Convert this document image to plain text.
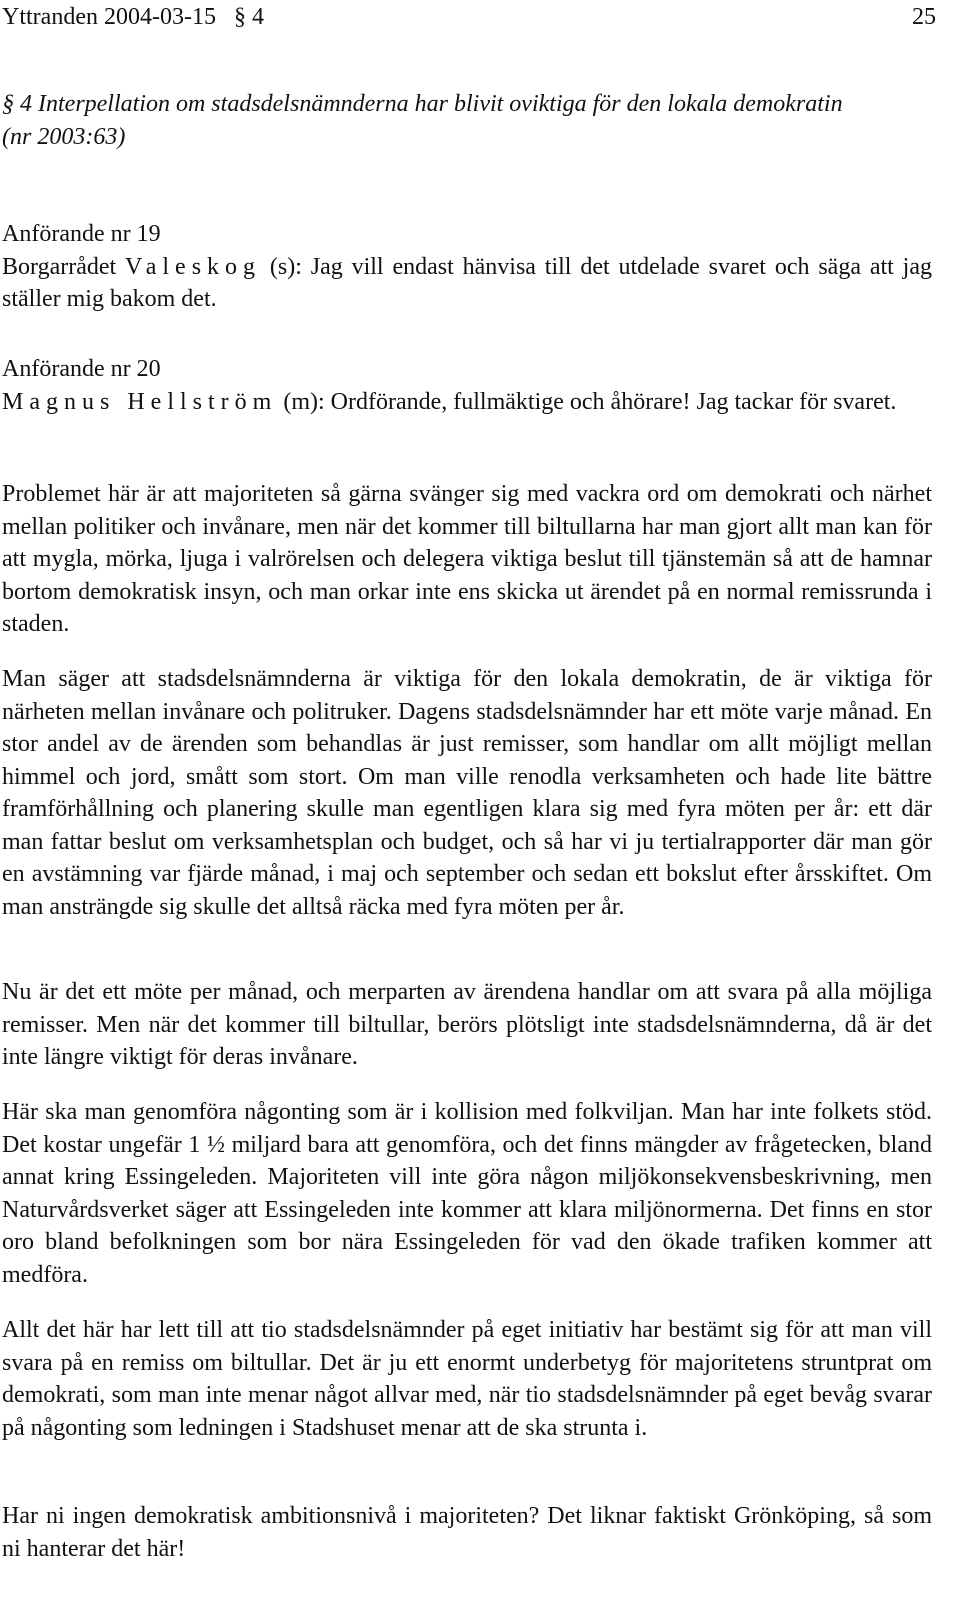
Yttranden 2004-03-15   § 4	25

§ 4 Interpellation om stadsdelsnämnderna har blivit oviktiga för den lokala demokratin

(nr 2003:63)

Anförande nr 19

Borgarrådet Valeskog (s): Jag vill endast hänvisa till det utdelade svaret och säga att jag ställer mig bakom det.

Anförande nr 20

Magnus Hellström (m): Ordförande, fullmäktige och åhörare! Jag tackar för svaret.

Problemet här är att majoriteten så gärna svänger sig med vackra ord om demokrati och närhet mellan politiker och invånare, men när det kommer till biltullarna har man gjort allt man kan för att mygla, mörka, ljuga i valrörelsen och delegera viktiga beslut till tjänstemän så att de hamnar bortom demokratisk insyn, och man orkar inte ens skicka ut ärendet på en normal remissrunda i staden.
Man säger att stadsdelsnämnderna är viktiga för den lokala demokratin, de är viktiga för närheten mellan invånare och politruker. Dagens stadsdelsnämnder har ett möte varje månad. En stor andel av de ärenden som behandlas är just remisser, som handlar om allt möjligt mellan himmel och jord, smått som stort. Om man ville renodla verksamheten och hade lite bättre framförhållning och planering skulle man egentligen klara sig med fyra möten per år: ett där man fattar beslut om verksamhetsplan och budget, och så har vi ju tertialrapporter där man gör en avstämning var fjärde månad, i maj och september och sedan ett bokslut efter årsskiftet. Om man ansträngde sig skulle det alltså räcka med fyra möten per år.
Nu är det ett möte per månad, och merparten av ärendena handlar om att svara på alla möjliga remisser. Men när det kommer till biltullar, berörs plötsligt inte stadsdelsnämnderna, då är det inte längre viktigt för deras invånare.
Här ska man genomföra någonting som är i kollision med folkviljan. Man har inte folkets stöd. Det kostar ungefär 1 ½ miljard bara att genomföra, och det finns mängder av frågetecken, bland annat kring Essingeleden. Majoriteten vill inte göra någon miljökonsekvensbeskrivning, men Naturvårdsverket säger att Essingeleden inte kommer att klara miljönormerna. Det finns en stor oro bland befolkningen som bor nära Essingeleden för vad den ökade trafiken kommer att medföra.
Allt det här har lett till att tio stadsdelsnämnder på eget initiativ har bestämt sig för att man vill svara på en remiss om biltullar. Det är ju ett enormt underbetyg för majoritetens struntprat om demokrati, som man inte menar något allvar med, när tio stadsdelsnämnder på eget bevåg svarar på någonting som ledningen i Stadshuset menar att de ska strunta i.
Har ni ingen demokratisk ambitionsnivå i majoriteten? Det liknar faktiskt Grönköping, så som ni hanterar det här!
